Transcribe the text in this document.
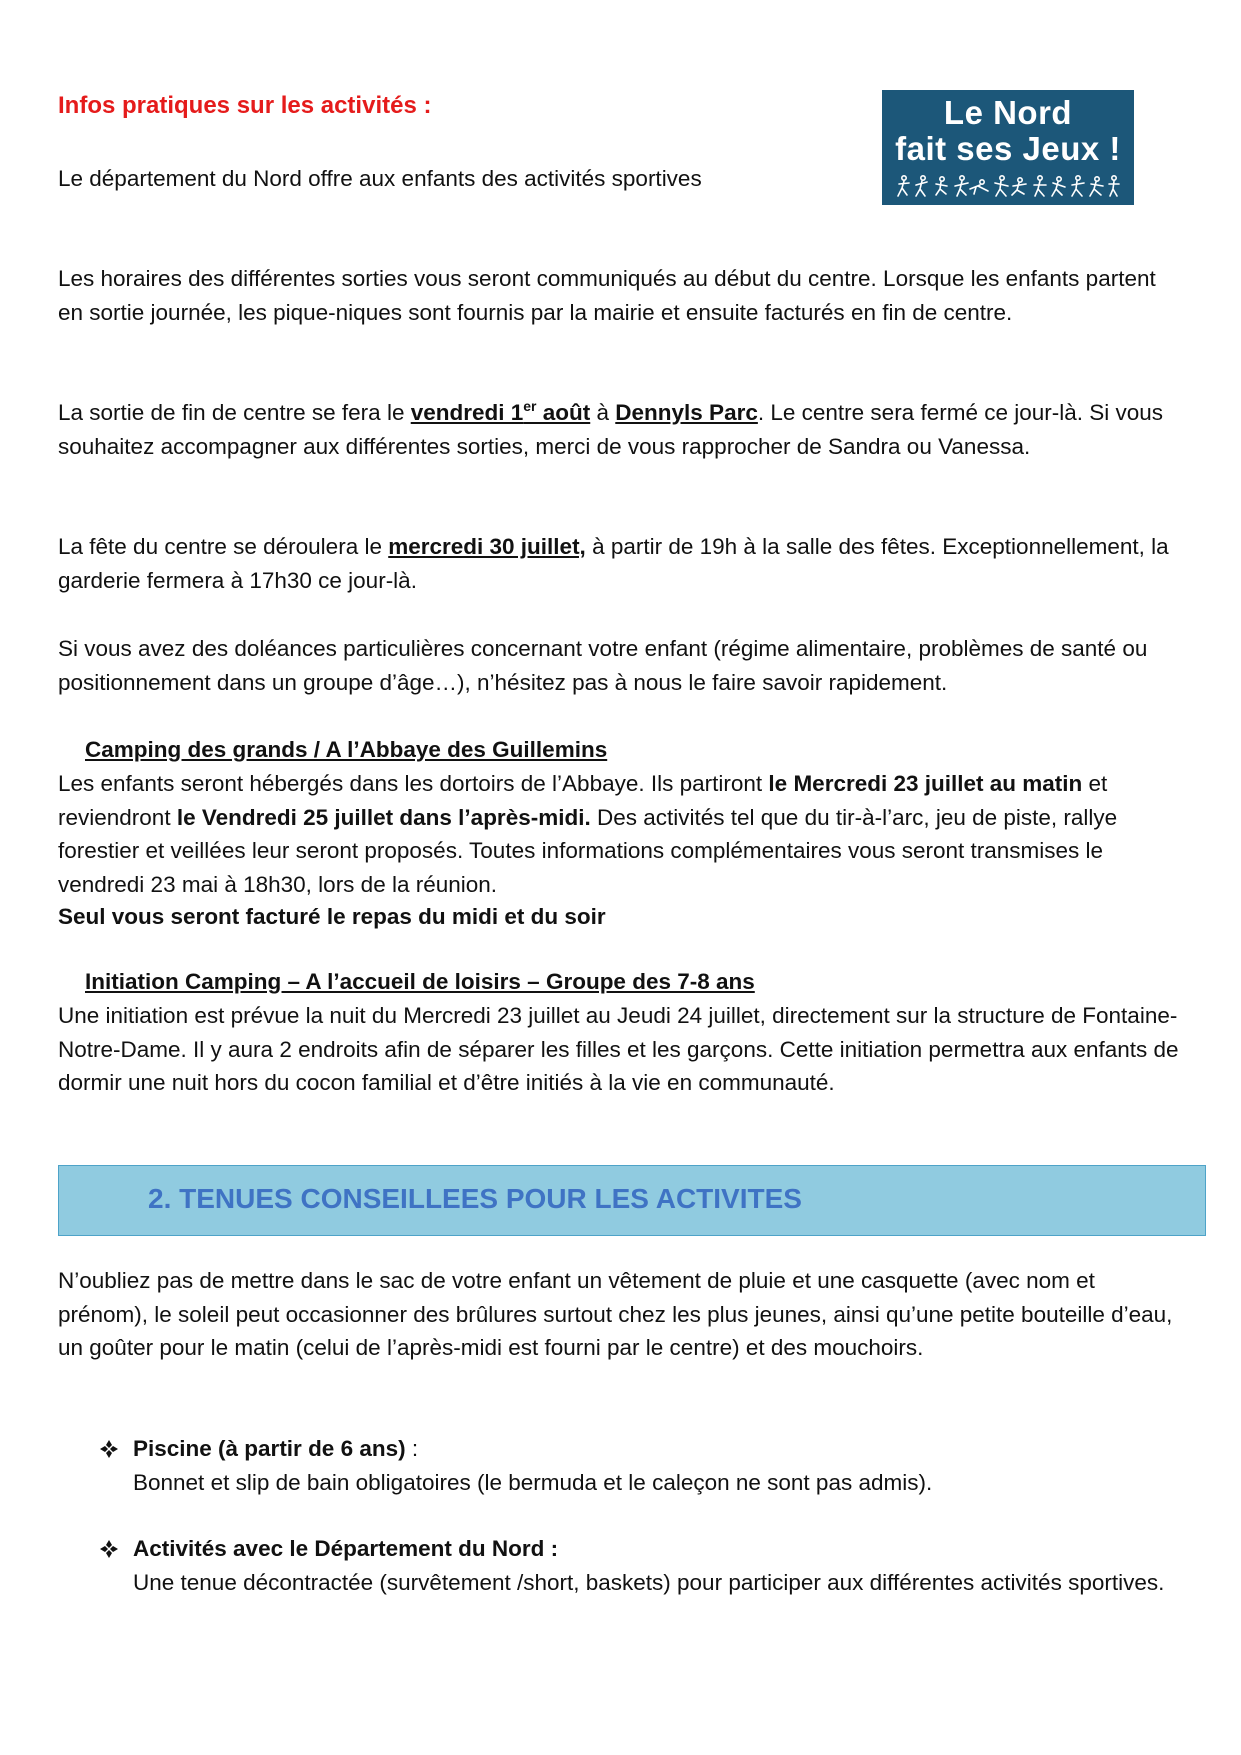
Infos pratiques sur les activités :
Le département du Nord offre aux enfants des activités sportives
Le Nord
fait ses Jeux !
Les horaires des différentes sorties vous seront communiqués au début du centre. Lorsque les enfants partent en sortie journée, les pique-niques sont fournis par la mairie et ensuite facturés en fin de centre.
La sortie de fin de centre se fera le vendredi 1er août à Dennyls Parc. Le centre sera fermé ce jour-là. Si vous souhaitez accompagner aux différentes sorties, merci de vous rapprocher de Sandra ou Vanessa.
La fête du centre se déroulera le mercredi 30 juillet, à partir de 19h à la salle des fêtes. Exceptionnellement, la garderie fermera à 17h30 ce jour-là.
Si vous avez des doléances particulières concernant votre enfant (régime alimentaire, problèmes de santé ou positionnement dans un groupe d’âge…), n’hésitez pas à nous le faire savoir rapidement.
Camping des grands / A l’Abbaye des Guillemins
Les enfants seront hébergés dans les dortoirs de l’Abbaye. Ils partiront le Mercredi 23 juillet au matin et reviendront le Vendredi 25 juillet dans l’après-midi. Des activités tel que du tir-à-l’arc, jeu de piste, rallye forestier et veillées leur seront proposés. Toutes informations complémentaires vous seront transmises le vendredi 23 mai à 18h30, lors de la réunion.
Seul vous seront facturé le repas du midi et du soir
Initiation Camping – A l’accueil de loisirs – Groupe des 7-8 ans
Une initiation est prévue la nuit du Mercredi 23 juillet au Jeudi 24 juillet, directement sur la structure de Fontaine-Notre-Dame. Il y aura 2 endroits afin de séparer les filles et les garçons. Cette initiation permettra aux enfants de dormir une nuit hors du cocon familial et d’être initiés à la vie en communauté.
2. TENUES CONSEILLEES POUR LES ACTIVITES
N’oubliez pas de mettre dans le sac de votre enfant un vêtement de pluie et une casquette (avec nom et prénom), le soleil peut occasionner des brûlures surtout chez les plus jeunes, ainsi qu’une petite bouteille d’eau, un goûter pour le matin (celui de l’après-midi est fourni par le centre) et des mouchoirs.
Piscine (à partir de 6 ans) :
Bonnet et slip de bain obligatoires (le bermuda et le caleçon ne sont pas admis).
Activités avec le Département du Nord :
Une tenue décontractée (survêtement /short, baskets) pour participer aux différentes activités sportives.
